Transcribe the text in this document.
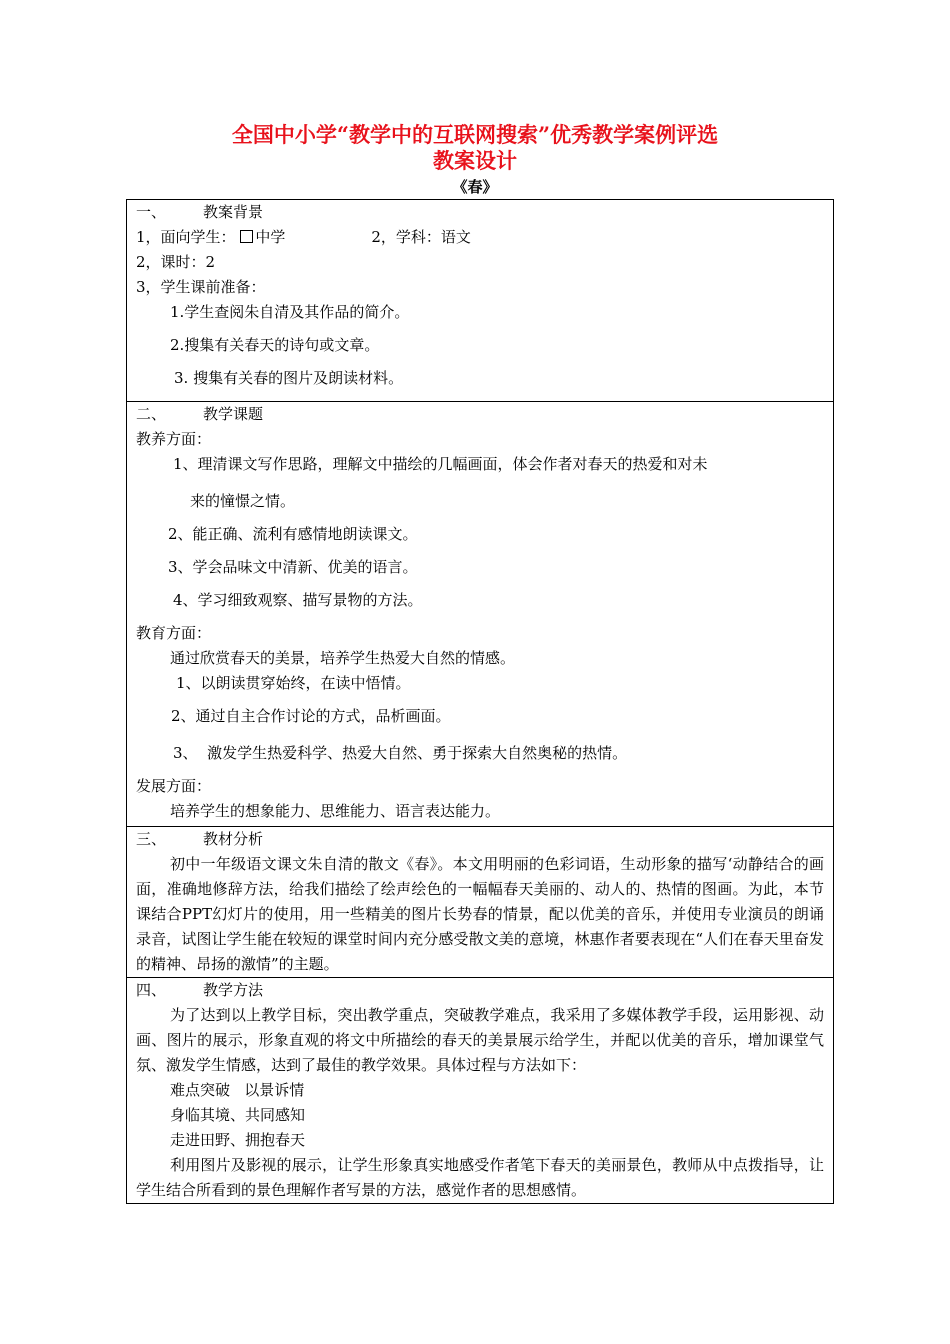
全国中小学“教学中的互联网搜索”优秀教学案例评选
教案设计
《春》
一、 教案背景
1，面向学生： 中学	2，学科：语文
2，课时：2
3，学生课前准备：
1.学生查阅朱自清及其作品的简介。
2.搜集有关春天的诗句或文章。
3. 搜集有关春的图片及朗读材料。

二、 教学课题
教养方面：
1、理清课文写作思路，理解文中描绘的几幅画面，体会作者对春天的热爱和对未
来的憧憬之情。
2、能正确、流利有感情地朗读课文。
3、学会品味文中清新、优美的语言。
4、学习细致观察、描写景物的方法。
教育方面：
通过欣赏春天的美景，培养学生热爱大自然的情感。
1、以朗读贯穿始终，在读中悟情。
2、通过自主合作讨论的方式，品析画面。
3、  激发学生热爱科学、热爱大自然、勇于探索大自然奥秘的热情。
发展方面：
培养学生的想象能力、思维能力、语言表达能力。

三、 教材分析
初中一年级语文课文朱自清的散文《春》。本文用明丽的色彩词语，生动形象的描写‘动静结合的画面，准确地修辞方法，给我们描绘了绘声绘色的一幅幅春天美丽的、动人的、热情的图画。为此，本节课结合PPT幻灯片的使用，用一些精美的图片长势春的情景，配以优美的音乐，并使用专业演员的朗诵录音，试图让学生能在较短的课堂时间内充分感受散文美的意境，林惠作者要表现在“人们在春天里奋发的精神、昂扬的激情”的主题。

四、 教学方法
为了达到以上教学目标，突出教学重点，突破教学难点，我采用了多媒体教学手段，运用影视、动画、图片的展示，形象直观的将文中所描绘的春天的美景展示给学生，并配以优美的音乐，增加课堂气氛、激发学生情感，达到了最佳的教学效果。具体过程与方法如下：
难点突破   以景诉情
身临其境、共同感知
走进田野、拥抱春天
利用图片及影视的展示，让学生形象真实地感受作者笔下春天的美丽景色，教师从中点拨指导，让学生结合所看到的景色理解作者写景的方法，感觉作者的思想感情。
